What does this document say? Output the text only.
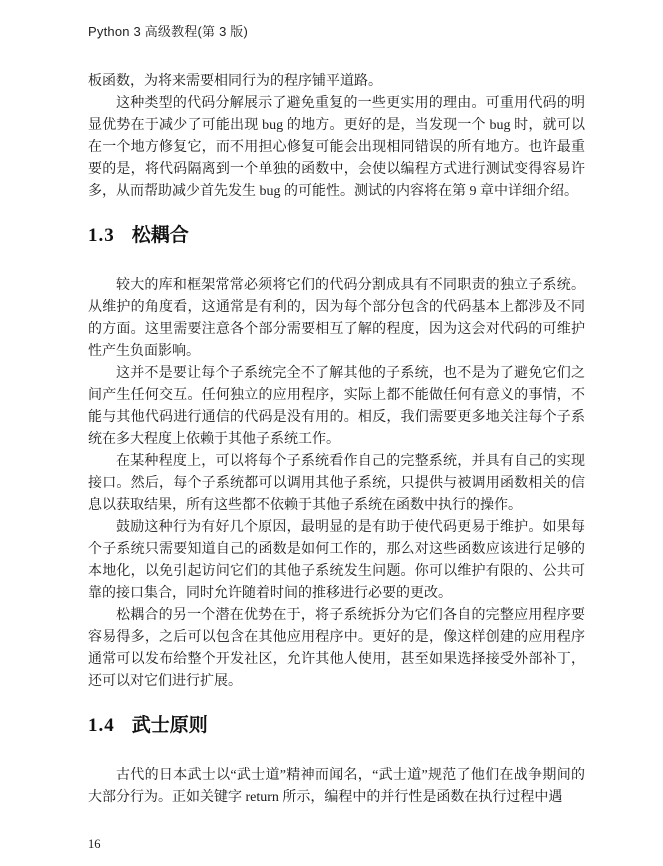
Python 3 高级教程(第 3 版)

板函数，为将来需要相同行为的程序铺平道路。

这种类型的代码分解展示了避免重复的一些更实用的理由。可重用代码的明显优势在于减少了可能出现 bug 的地方。更好的是，当发现一个 bug 时，就可以在一个地方修复它，而不用担心修复可能会出现相同错误的所有地方。也许最重要的是，将代码隔离到一个单独的函数中，会使以编程方式进行测试变得容易许多，从而帮助减少首先发生 bug 的可能性。测试的内容将在第 9 章中详细介绍。

1.3 松耦合

较大的库和框架常常必须将它们的代码分割成具有不同职责的独立子系统。从维护的角度看，这通常是有利的，因为每个部分包含的代码基本上都涉及不同的方面。这里需要注意各个部分需要相互了解的程度，因为这会对代码的可维护性产生负面影响。

这并不是要让每个子系统完全不了解其他的子系统，也不是为了避免它们之间产生任何交互。任何独立的应用程序，实际上都不能做任何有意义的事情，不能与其他代码进行通信的代码是没有用的。相反，我们需要更多地关注每个子系统在多大程度上依赖于其他子系统工作。

在某种程度上，可以将每个子系统看作自己的完整系统，并具有自己的实现接口。然后，每个子系统都可以调用其他子系统，只提供与被调用函数相关的信息以获取结果，所有这些都不依赖于其他子系统在函数中执行的操作。

鼓励这种行为有好几个原因，最明显的是有助于使代码更易于维护。如果每个子系统只需要知道自己的函数是如何工作的，那么对这些函数应该进行足够的本地化，以免引起访问它们的其他子系统发生问题。你可以维护有限的、公共可靠的接口集合，同时允许随着时间的推移进行必要的更改。

松耦合的另一个潜在优势在于，将子系统拆分为它们各自的完整应用程序要容易得多，之后可以包含在其他应用程序中。更好的是，像这样创建的应用程序通常可以发布给整个开发社区，允许其他人使用，甚至如果选择接受外部补丁，还可以对它们进行扩展。

1.4 武士原则

古代的日本武士以“武士道”精神而闻名，“武士道”规范了他们在战争期间的大部分行为。正如关键字 return 所示，编程中的并行性是函数在执行过程中遇

16
